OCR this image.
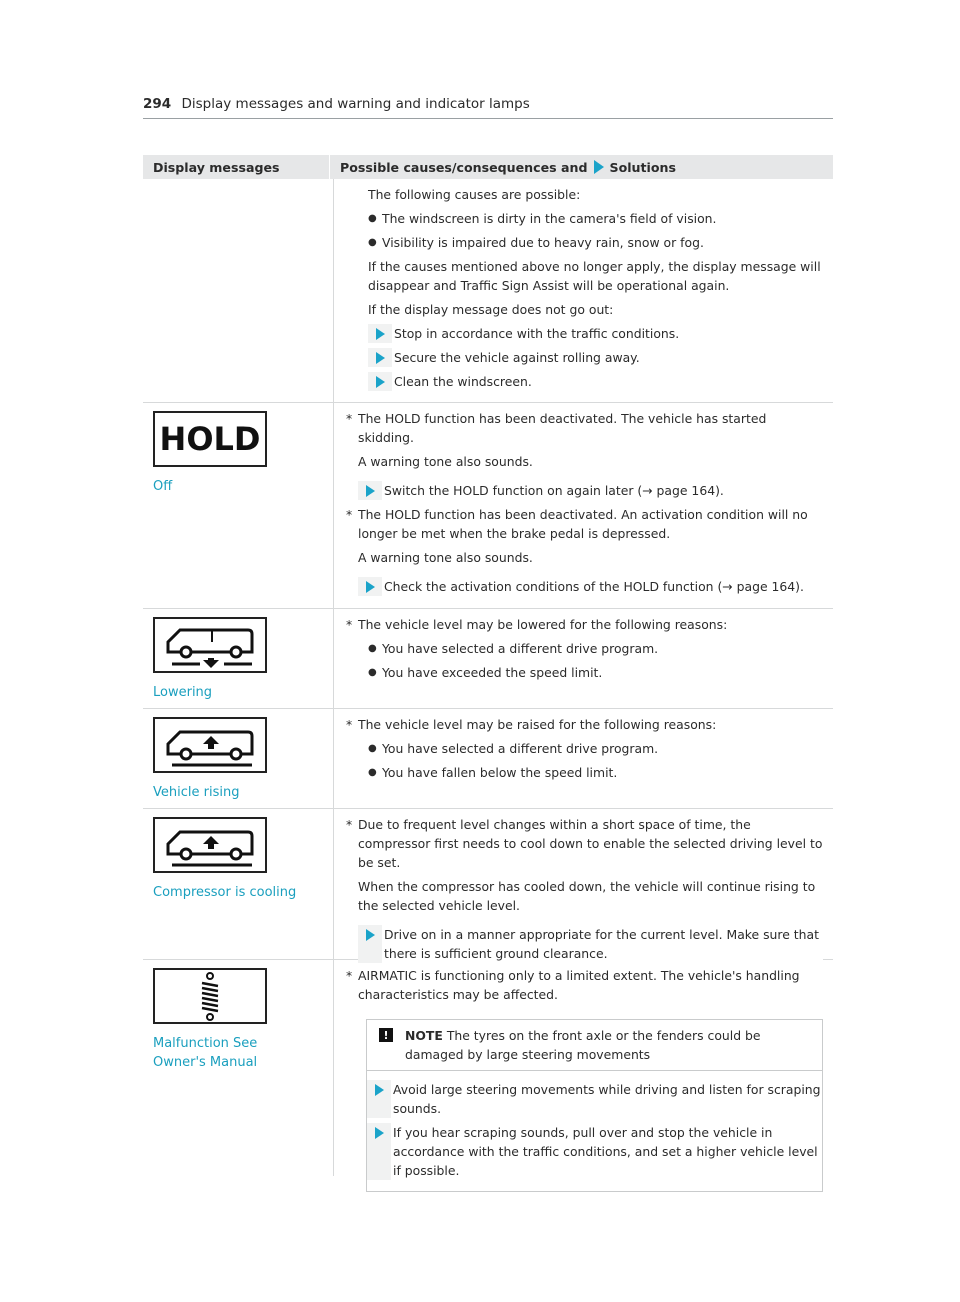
294 Display messages and warning and indicator lamps
Display messages	Possible causes/consequences and Solutions

The following causes are possible:

● The windscreen is dirty in the camera's field of vision.
● Visibility is impaired due to heavy rain, snow or fog.

If the causes mentioned above no longer apply, the display message will disappear and Traffic Sign Assist will be operational again.

If the display message does not go out:

Stop in accordance with the traffic conditions.
Secure the vehicle against rolling away.
Clean the windscreen.
HOLD
Off
* The HOLD function has been deactivated. The vehicle has started skidding.

A warning tone also sounds.

Switch the HOLD function on again later (→ page 164).
* The HOLD function has been deactivated. An activation condition will no longer be met when the brake pedal is depressed.

A warning tone also sounds.

Check the activation conditions of the HOLD function (→ page 164).
Lowering
* The vehicle level may be lowered for the following reasons:

● You have selected a different drive program.
● You have exceeded the speed limit.
Vehicle rising
* The vehicle level may be raised for the following reasons:

● You have selected a different drive program.
● You have fallen below the speed limit.
Compressor is cooling
* Due to frequent level changes within a short space of time, the compressor first needs to cool down to enable the selected driving level to be set.

When the compressor has cooled down, the vehicle will continue rising to the selected vehicle level.

Drive on in a manner appropriate for the current level. Make sure that there is sufficient ground clearance.
Malfunction See Owner's Manual
* AIRMATIC is functioning only to a limited extent. The vehicle's handling characteristics may be affected.

!	NOTE The tyres on the front axle or the fenders could be damaged by large steering movements
Avoid large steering movements while driving and listen for scraping sounds.
If you hear scraping sounds, pull over and stop the vehicle in accordance with the traffic conditions, and set a higher vehicle level if possible.
